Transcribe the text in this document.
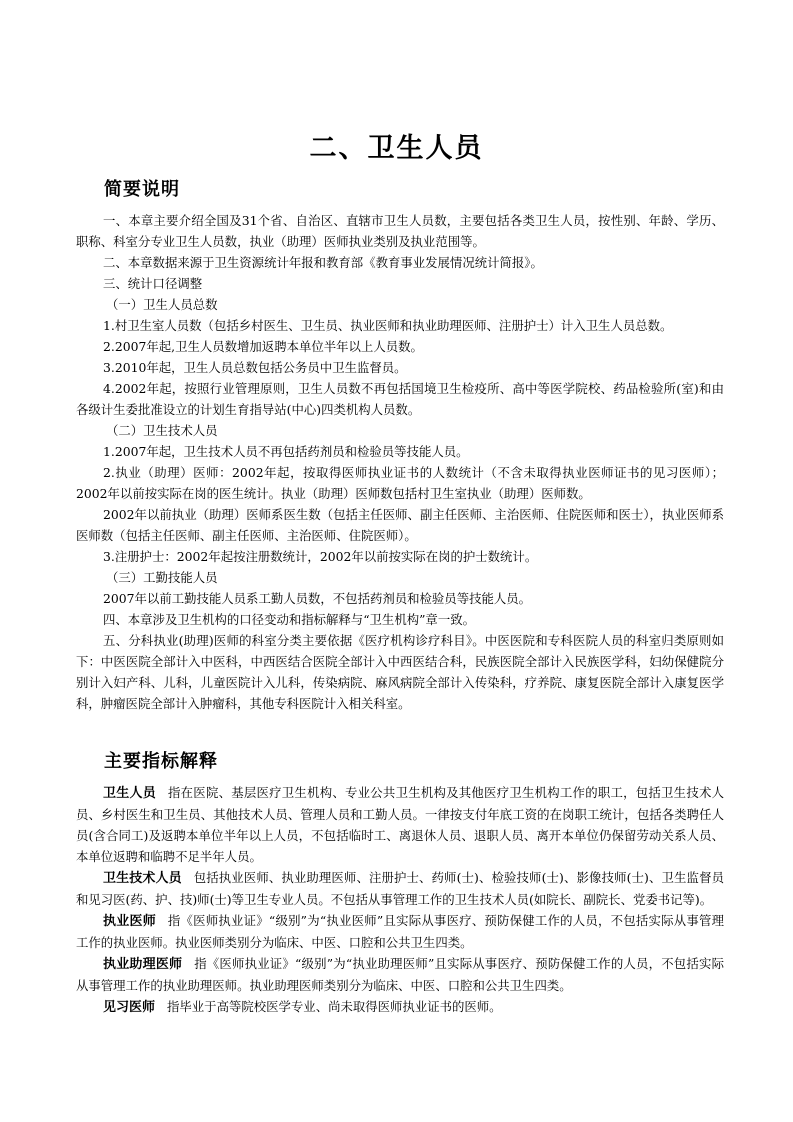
二、卫生人员
简要说明

一、本章主要介绍全国及31个省、自治区、直辖市卫生人员数，主要包括各类卫生人员，按性别、年龄、学历、职称、科室分专业卫生人员数，执业（助理）医师执业类别及执业范围等。

二、本章数据来源于卫生资源统计年报和教育部《教育事业发展情况统计简报》。

三、统计口径调整

（一）卫生人员总数

1.村卫生室人员数（包括乡村医生、卫生员、执业医师和执业助理医师、注册护士）计入卫生人员总数。

2.2007年起,卫生人员数增加返聘本单位半年以上人员数。

3.2010年起，卫生人员总数包括公务员中卫生监督员。

4.2002年起，按照行业管理原则，卫生人员数不再包括国境卫生检疫所、高中等医学院校、药品检验所(室)和由各级计生委批准设立的计划生育指导站(中心)四类机构人员数。

（二）卫生技术人员

1.2007年起，卫生技术人员不再包括药剂员和检验员等技能人员。

2.执业（助理）医师：2002年起，按取得医师执业证书的人数统计（不含未取得执业医师证书的见习医师）；2002年以前按实际在岗的医生统计。执业（助理）医师数包括村卫生室执业（助理）医师数。

2002年以前执业（助理）医师系医生数（包括主任医师、副主任医师、主治医师、住院医师和医士），执业医师系医师数（包括主任医师、副主任医师、主治医师、住院医师）。

3.注册护士：2002年起按注册数统计，2002年以前按实际在岗的护士数统计。

（三）工勤技能人员

2007年以前工勤技能人员系工勤人员数，不包括药剂员和检验员等技能人员。

四、本章涉及卫生机构的口径变动和指标解释与“卫生机构”章一致。

五、分科执业(助理)医师的科室分类主要依据《医疗机构诊疗科目》。中医医院和专科医院人员的科室归类原则如下：中医医院全部计入中医科，中西医结合医院全部计入中西医结合科，民族医院全部计入民族医学科，妇幼保健院分别计入妇产科、儿科，儿童医院计入儿科，传染病院、麻风病院全部计入传染科，疗养院、康复医院全部计入康复医学科，肿瘤医院全部计入肿瘤科，其他专科医院计入相关科室。

主要指标解释

卫生人员 指在医院、基层医疗卫生机构、专业公共卫生机构及其他医疗卫生机构工作的职工，包括卫生技术人员、乡村医生和卫生员、其他技术人员、管理人员和工勤人员。一律按支付年底工资的在岗职工统计，包括各类聘任人员(含合同工)及返聘本单位半年以上人员，不包括临时工、离退休人员、退职人员、离开本单位仍保留劳动关系人员、本单位返聘和临聘不足半年人员。

卫生技术人员 包括执业医师、执业助理医师、注册护士、药师(士)、检验技师(士)、影像技师(士)、卫生监督员和见习医(药、护、技)师(士)等卫生专业人员。不包括从事管理工作的卫生技术人员(如院长、副院长、党委书记等)。

执业医师 指《医师执业证》“级别”为“执业医师”且实际从事医疗、预防保健工作的人员，不包括实际从事管理工作的执业医师。执业医师类别分为临床、中医、口腔和公共卫生四类。

执业助理医师 指《医师执业证》“级别”为“执业助理医师”且实际从事医疗、预防保健工作的人员，不包括实际从事管理工作的执业助理医师。执业助理医师类别分为临床、中医、口腔和公共卫生四类。

见习医师 指毕业于高等院校医学专业、尚未取得医师执业证书的医师。
